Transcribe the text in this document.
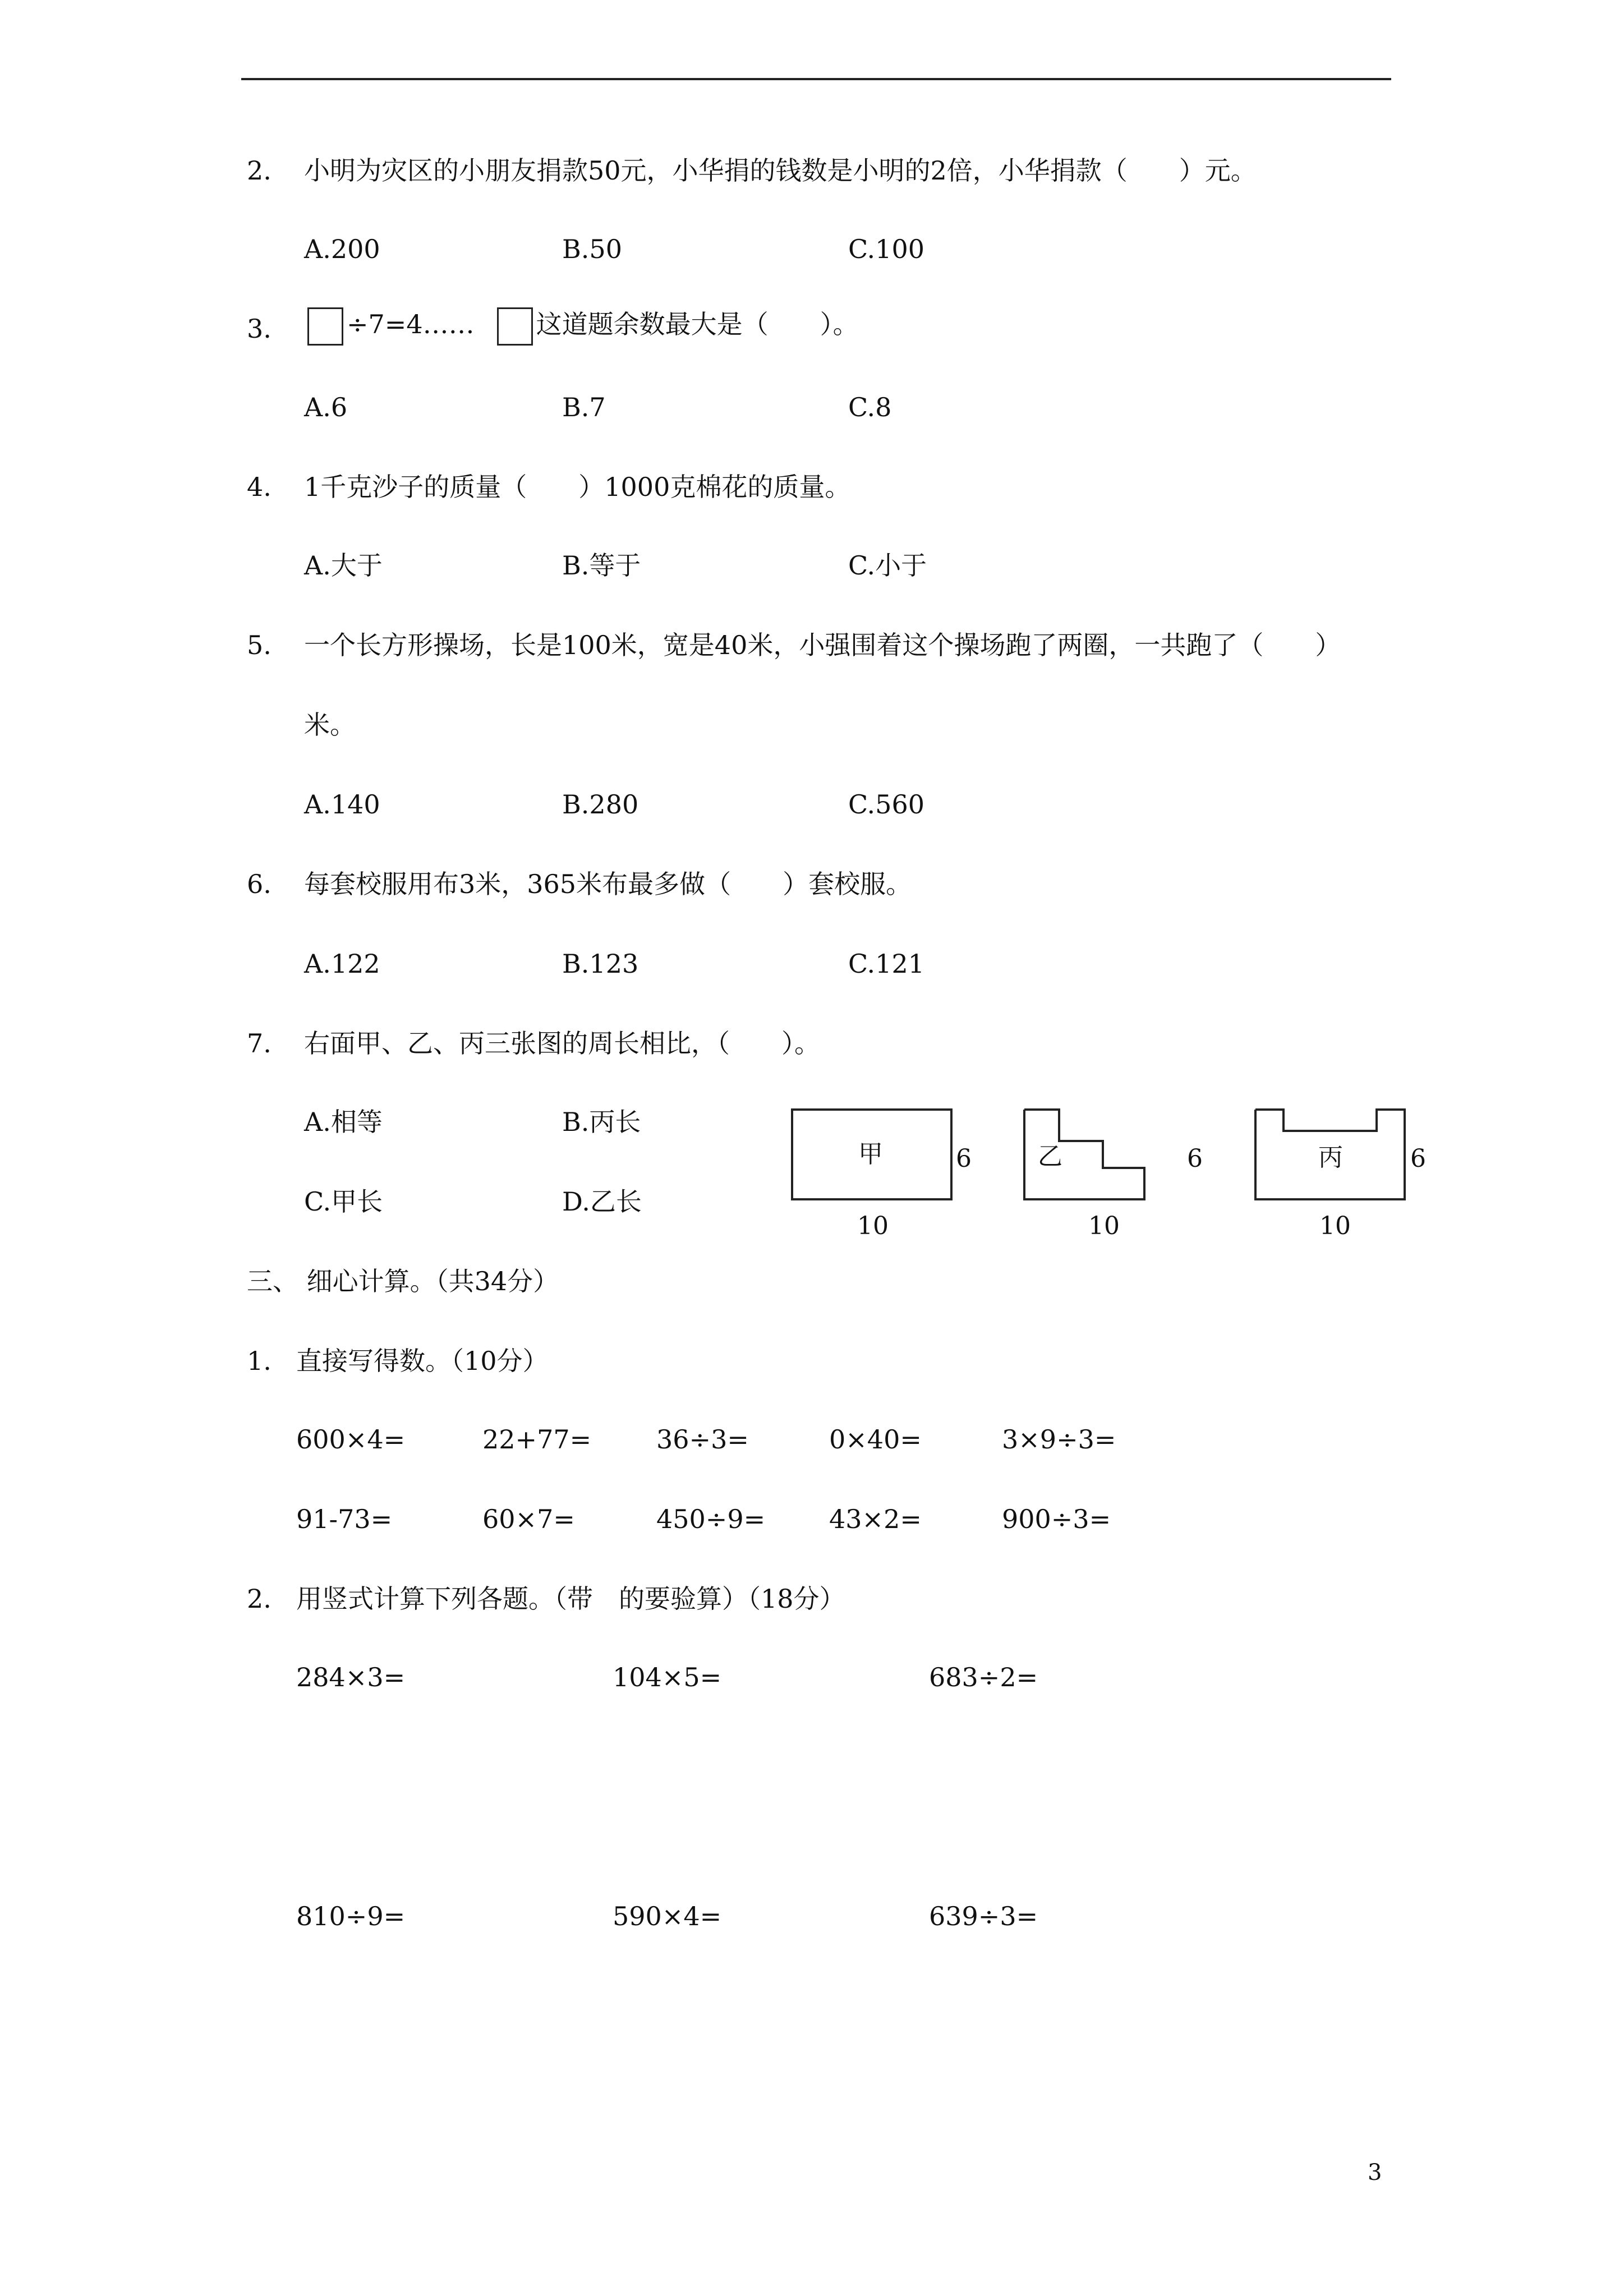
2. 小明为灾区的小朋友捐款50元，小华捐的钱数是小明的2倍，小华捐款（　　）元。
A.200	B.50	C.100
3.	÷7=4…… 这道题余数最大是（　　）。
A.6	B.7	C.8
4. 1千克沙子的质量（　　）1000克棉花的质量。
A.大于	B.等于	C.小于
5. 一个长方形操场，长是100米，宽是40米，小强围着这个操场跑了两圈，一共跑了（　　）
米。
A.140	B.280	C.560
6. 每套校服用布3米，365米布最多做（　　）套校服。
A.122	B.123	C.121
7. 右面甲、乙、丙三张图的周长相比，（　　）。
A.相等	B.丙长
C.甲长	D.乙长
甲	6
10
乙	6
10
丙	6
10
三、 细心计算。（共34分）
1. 直接写得数。（10分）
600×4=	22+77=	36÷3=	0×40=	3×9÷3=
91-73=	60×7=	450÷9= 43×2=	900÷3=
2. 用竖式计算下列各题。（带　的要验算）（18分）
284×3=	104×5=	683÷2=
810÷9=	590×4=	639÷3=
3
